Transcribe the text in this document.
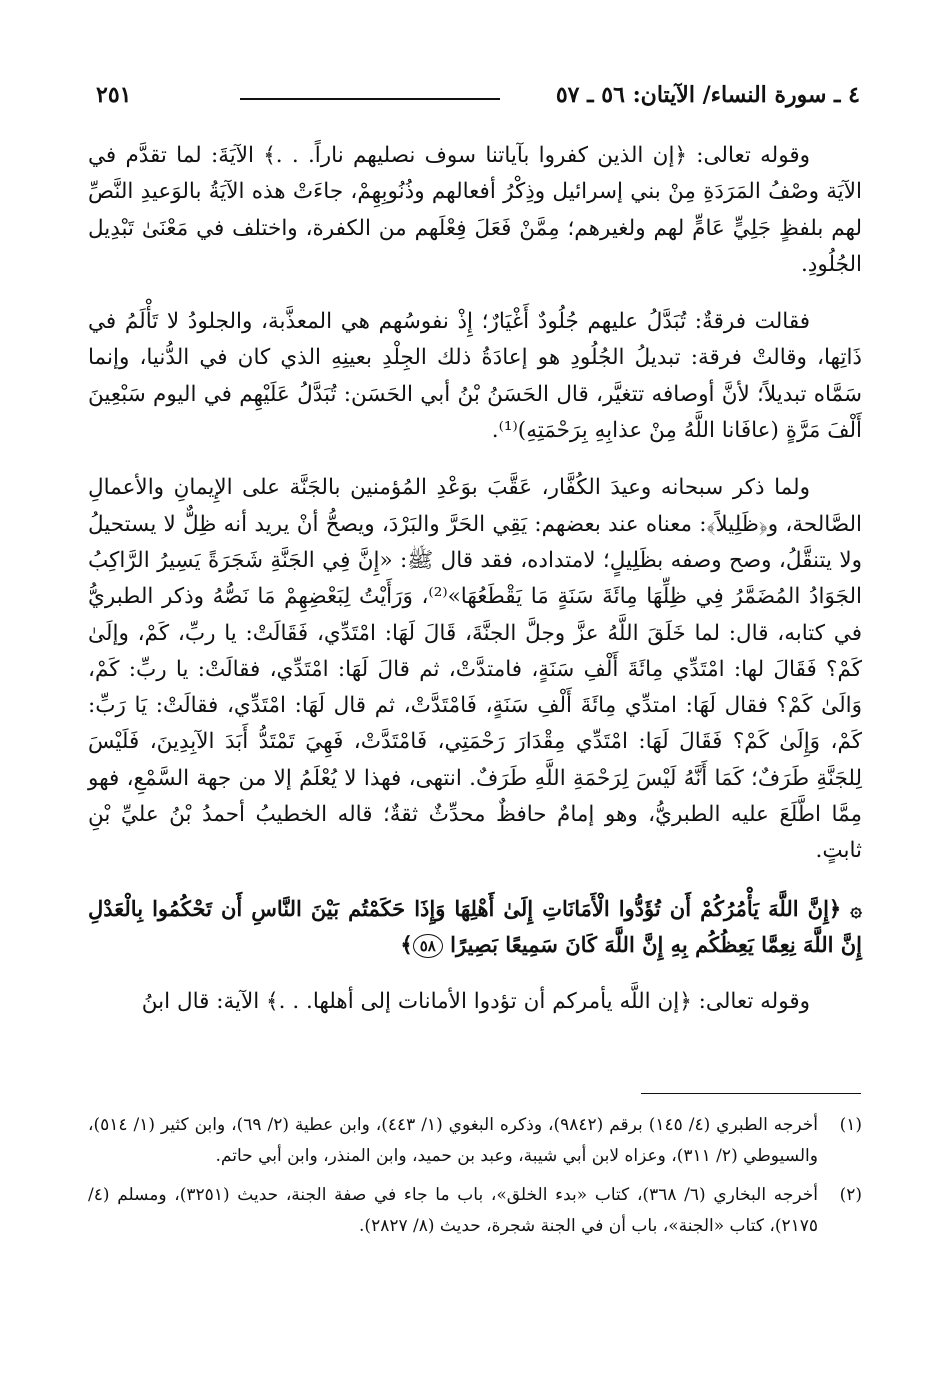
٢٥١	٤ ـ سورة النساء/ الآيتان: ٥٦ ـ ٥٧

وقوله تعالى: ﴿إن الذين كفروا بآياتنا سوف نصليهم ناراً. . .﴾ الآيَةَ: لما تقدَّم في الآيَة وصْفُ المَرَدَةِ مِنْ بني إسرائيل وذِكْرُ أفعالهم وذُنُوبِهِمْ، جاءَتْ هذه الآيَةُ بالوَعيدِ النَّصِّ لهم بلفظٍ جَلِيٍّ عَامٍّ لهم ولغيرهم؛ مِمَّنْ فَعَلَ فِعْلَهم من الكفرة، واختلف في مَعْنَىٰ تَبْدِيل الجُلُودِ.

فقالت فرقةٌ: تُبَدَّلُ عليهم جُلُودٌ أَغْيَارٌ؛ إِذْ نفوسُهم هي المعذَّبة، والجلودُ لا تَأْلَمُ في ذَاتِها، وقالتْ فرقة: تبديلُ الجُلُودِ هو إعادَةُ ذلك الجِلْدِ بعينِهِ الذي كان في الدُّنيا، وإنما سَمَّاه تبديلاً؛ لأنَّ أوصافه تتغيَّر، قال الحَسَنُ بْنُ أبي الحَسَن: تُبَدَّلُ عَلَيْهِم في اليوم سَبْعِينَ أَلْفَ مَرَّةٍ (عافَانا اللَّهُ مِنْ عذابِهِ بِرَحْمَتِهِ)⁽¹⁾.

ولما ذكر سبحانه وعيدَ الكُفَّار، عَقَّبَ بوَعْدِ المُؤمنين بالجَنَّة على الإِيمانِ والأعمالِ الصَّالحة، و﴿ظَلِيلاً﴾: معناه عند بعضهم: يَقِي الحَرَّ والبَرْدَ، ويصحُّ أنْ يريد أنه ظِلٌّ لا يستحيلُ ولا يتنقَّلُ، وصح وصفه بظَلِيلٍ؛ لامتداده، فقد قال ﷺ: «إِنَّ فِي الجَنَّةِ شَجَرَةً يَسِيرُ الرَّاكِبُ الجَوَادُ المُضَمَّرُ فِي ظِلِّهَا مِائَةَ سَنَةٍ مَا يَقْطَعُهَا»⁽²⁾، وَرَأَيْتُ لِبَعْضِهِمْ مَا نَصُّهُ وذكر الطبريُّ في كتابه، قال: لما خَلَقَ اللَّهُ عزَّ وجلَّ الجنَّةَ، قَالَ لَهَا: امْتَدِّي، فَقَالَتْ: يا ربِّ، كَمْ، وإلَىٰ كَمْ؟ فَقَالَ لها: امْتَدِّي مِائَةَ أَلْفِ سَنَةٍ، فامتدَّتْ، ثم قالَ لَهَا: امْتَدِّي، فقالَتْ: يا ربِّ: كَمْ، وَالَىٰ كَمْ؟ فقال لَهَا: امتدِّي مِائَةَ أَلْفِ سَنَةٍ، فَامْتَدَّتْ، ثم قال لَهَا: امْتَدِّي، فقالَتْ: يَا رَبِّ: كَمْ، وَإِلَىٰ كَمْ؟ فَقَالَ لَهَا: امْتَدِّي مِقْدَارَ رَحْمَتِي، فَامْتَدَّتْ، فَهِيَ تَمْتَدُّ أَبَدَ الآبِدِينَ، فَلَيْسَ لِلجَنَّةِ طَرَفٌ؛ كَمَا أَنَّهُ لَيْسَ لِرَحْمَةِ اللَّهِ طَرَفٌ. انتهى، فهذا لا يُعْلَمُ إلا من جهة السَّمْعِ، فهو مِمَّا اطَّلَعَ عليه الطبريُّ، وهو إمامٌ حافظٌ محدِّثٌ ثقةٌ؛ قاله الخطيبُ أحمدُ بْنُ عليِّ بْنِ ثابتٍ.

۞ ﴿إِنَّ اللَّهَ يَأْمُرُكُمْ أَن تُؤَدُّوا الْأَمَانَاتِ إِلَىٰ أَهْلِهَا وَإِذَا حَكَمْتُم بَيْنَ النَّاسِ أَن تَحْكُمُوا بِالْعَدْلِ إِنَّ اللَّهَ نِعِمَّا يَعِظُكُم بِهِ إِنَّ اللَّهَ كَانَ سَمِيعًا بَصِيرًا ٥٨﴾

وقوله تعالى: ﴿إن اللَّه يأمركم أن تؤدوا الأمانات إلى أهلها. . .﴾ الآية: قال ابنُ

(١)
أخرجه الطبري (٤/ ١٤٥) برقم (٩٨٤٢)، وذكره البغوي (١/ ٤٤٣)، وابن عطية (٢/ ٦٩)، وابن كثير (١/ ٥١٤)، والسيوطي (٢/ ٣١١)، وعزاه لابن أبي شيبة، وعبد بن حميد، وابن المنذر، وابن أبي حاتم.
(٢)
أخرجه البخاري (٦/ ٣٦٨)، كتاب «بدء الخلق»، باب ما جاء في صفة الجنة، حديث (٣٢٥١)، ومسلم (٤/ ٢١٧٥)، كتاب «الجنة»، باب أن في الجنة شجرة، حديث (٨/ ٢٨٢٧).
